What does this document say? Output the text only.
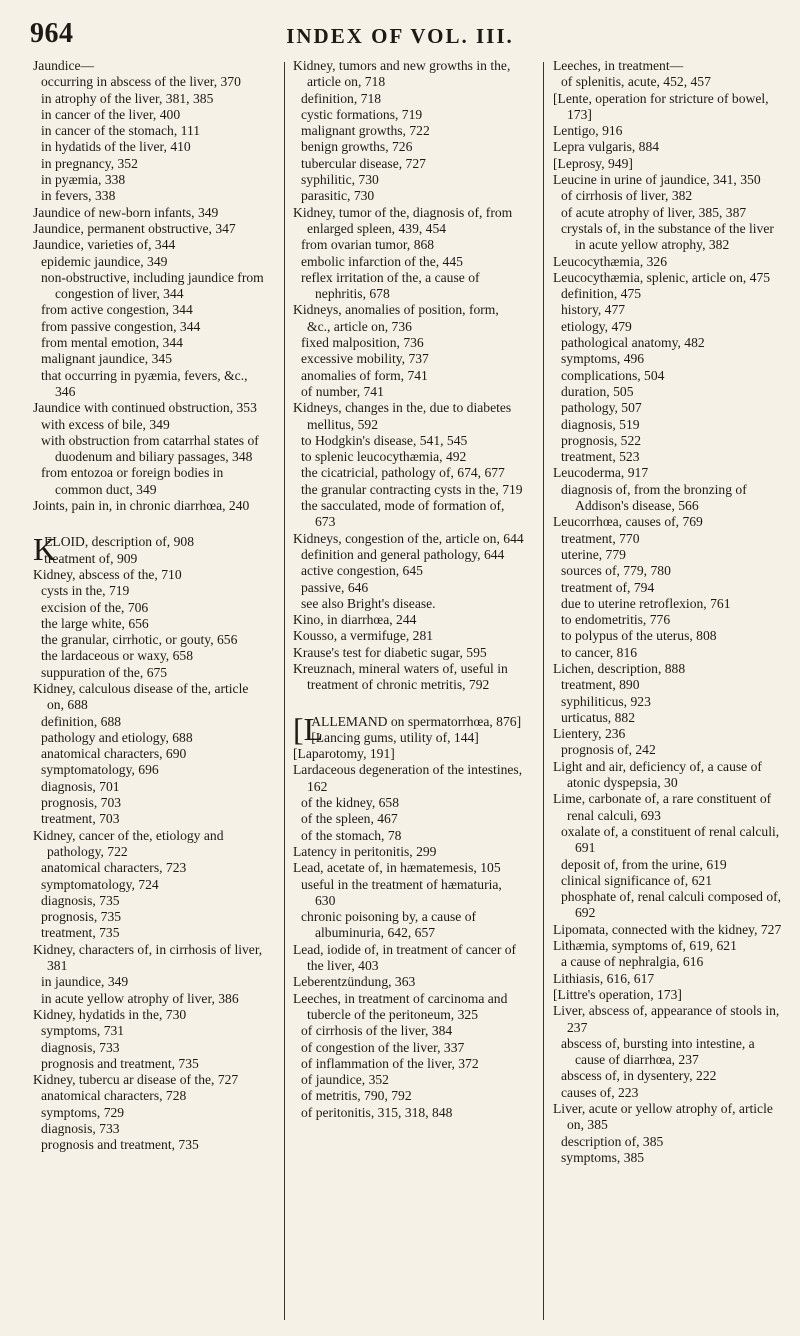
964	INDEX OF VOL. III.

Jaundice—

occurring in abscess of the liver, 370

in atrophy of the liver, 381, 385

in cancer of the liver, 400

in cancer of the stomach, 111

in hydatids of the liver, 410

in pregnancy, 352

in pyæmia, 338

in fevers, 338

Jaundice of new-born infants, 349

Jaundice, permanent obstructive, 347

Jaundice, varieties of, 344

epidemic jaundice, 349

non-obstructive, including jaundice from congestion of liver, 344

from active congestion, 344

from passive congestion, 344

from mental emotion, 344

malignant jaundice, 345

that occurring in pyæmia, fevers, &c., 346

Jaundice with continued obstruction, 353

with excess of bile, 349

with obstruction from catarrhal states of duodenum and biliary passages, 348

from entozoa or foreign bodies in common duct, 349

Joints, pain in, in chronic diarrhœa, 240

K
ELOID, description of, 908

treatment of, 909

Kidney, abscess of the, 710

cysts in the, 719

excision of the, 706

the large white, 656

the granular, cirrhotic, or gouty, 656

the lardaceous or waxy, 658

suppuration of the, 675

Kidney, calculous disease of the, article on, 688

definition, 688

pathology and etiology, 688

anatomical characters, 690

symptomatology, 696

diagnosis, 701

prognosis, 703

treatment, 703

Kidney, cancer of the, etiology and pathology, 722

anatomical characters, 723

symptomatology, 724

diagnosis, 735

prognosis, 735

treatment, 735

Kidney, characters of, in cirrhosis of liver, 381

in jaundice, 349

in acute yellow atrophy of liver, 386

Kidney, hydatids in the, 730

symptoms, 731

diagnosis, 733

prognosis and treatment, 735

Kidney, tubercu ar disease of the, 727

anatomical characters, 728

symptoms, 729

diagnosis, 733

prognosis and treatment, 735

Kidney, tumors and new growths in the, article on, 718

definition, 718

cystic formations, 719

malignant growths, 722

benign growths, 726

tubercular disease, 727

syphilitic, 730

parasitic, 730

Kidney, tumor of the, diagnosis of, from enlarged spleen, 439, 454

from ovarian tumor, 868

embolic infarction of the, 445

reflex irritation of the, a cause of nephritis, 678

Kidneys, anomalies of position, form, &c., article on, 736

fixed malposition, 736

excessive mobility, 737

anomalies of form, 741

of number, 741

Kidneys, changes in the, due to diabetes mellitus, 592

to Hodgkin's disease, 541, 545

to splenic leucocythæmia, 492

the cicatricial, pathology of, 674, 677

the granular contracting cysts in the, 719

the sacculated, mode of formation of, 673

Kidneys, congestion of the, article on, 644

definition and general pathology, 644

active congestion, 645

passive, 646

see also Bright's disease.

Kino, in diarrhœa, 244

Kousso, a vermifuge, 281

Krause's test for diabetic sugar, 595

Kreuznach, mineral waters of, useful in treatment of chronic metritis, 792

[L
ALLEMAND on spermatorrhœa, 876]

[Lancing gums, utility of, 144]

[Laparotomy, 191]

Lardaceous degeneration of the intestines, 162

of the kidney, 658

of the spleen, 467

of the stomach, 78

Latency in peritonitis, 299

Lead, acetate of, in hæmatemesis, 105

useful in the treatment of hæmaturia, 630

chronic poisoning by, a cause of albuminuria, 642, 657

Lead, iodide of, in treatment of cancer of the liver, 403

Leberentzündung, 363

Leeches, in treatment of carcinoma and tubercle of the peritoneum, 325

of cirrhosis of the liver, 384

of congestion of the liver, 337

of inflammation of the liver, 372

of jaundice, 352

of metritis, 790, 792

of peritonitis, 315, 318, 848

Leeches, in treatment—

of splenitis, acute, 452, 457

[Lente, operation for stricture of bowel, 173]

Lentigo, 916

Lepra vulgaris, 884

[Leprosy, 949]

Leucine in urine of jaundice, 341, 350

of cirrhosis of liver, 382

of acute atrophy of liver, 385, 387

crystals of, in the substance of the liver in acute yellow atrophy, 382

Leucocythæmia, 326

Leucocythæmia, splenic, article on, 475

definition, 475

history, 477

etiology, 479

pathological anatomy, 482

symptoms, 496

complications, 504

duration, 505

pathology, 507

diagnosis, 519

prognosis, 522

treatment, 523

Leucoderma, 917

diagnosis of, from the bronzing of Addison's disease, 566

Leucorrhœa, causes of, 769

treatment, 770

uterine, 779

sources of, 779, 780

treatment of, 794

due to uterine retroflexion, 761

to endometritis, 776

to polypus of the uterus, 808

to cancer, 816

Lichen, description, 888

treatment, 890

syphiliticus, 923

urticatus, 882

Lientery, 236

prognosis of, 242

Light and air, deficiency of, a cause of atonic dyspepsia, 30

Lime, carbonate of, a rare constituent of renal calculi, 693

oxalate of, a constituent of renal calculi, 691

deposit of, from the urine, 619

clinical significance of, 621

phosphate of, renal calculi composed of, 692

Lipomata, connected with the kidney, 727

Lithæmia, symptoms of, 619, 621

a cause of nephralgia, 616

Lithiasis, 616, 617

[Littre's operation, 173]

Liver, abscess of, appearance of stools in, 237

abscess of, bursting into intestine, a cause of diarrhœa, 237

abscess of, in dysentery, 222

causes of, 223

Liver, acute or yellow atrophy of, article on, 385

description of, 385

symptoms, 385
